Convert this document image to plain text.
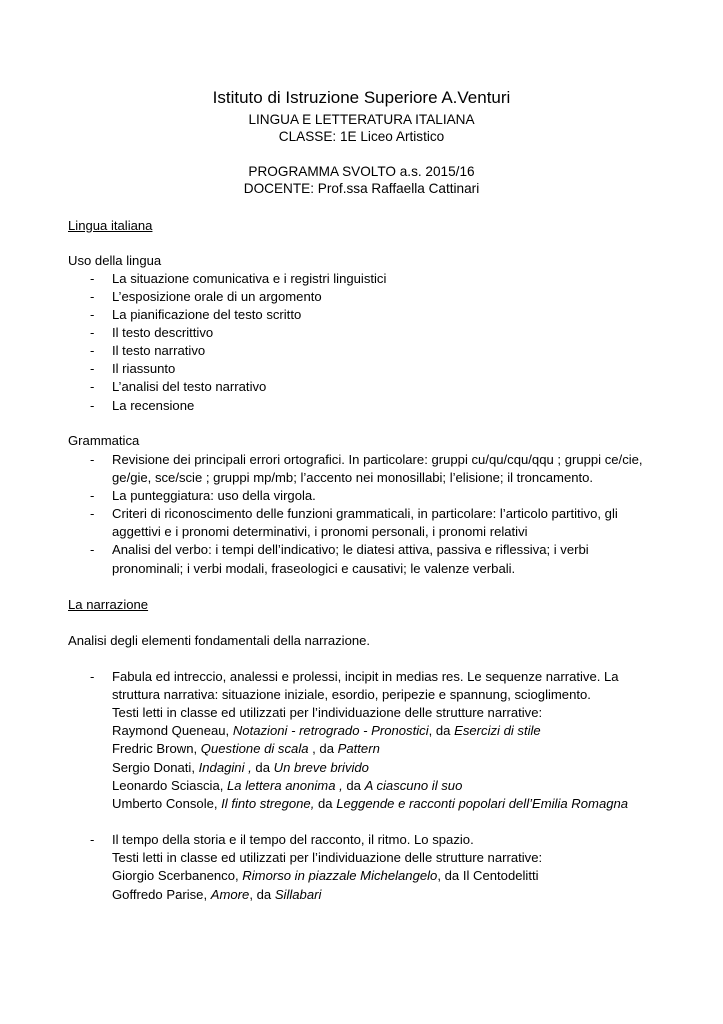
Istituto di Istruzione Superiore A.Venturi
LINGUA E LETTERATURA ITALIANA
CLASSE: 1E Liceo Artistico
PROGRAMMA SVOLTO a.s. 2015/16
DOCENTE: Prof.ssa Raffaella Cattinari
Lingua italiana
Uso della lingua
- La situazione comunicativa e i registri linguistici
- L’esposizione orale di un argomento
- La pianificazione del testo scritto
- Il testo descrittivo
- Il testo narrativo
- Il riassunto
- L’analisi del testo narrativo
- La recensione
Grammatica
- Revisione dei principali errori ortografici. In particolare: gruppi cu/qu/cqu/qqu ; gruppi ce/cie,
ge/gie, sce/scie ; gruppi mp/mb; l’accento nei monosillabi; l’elisione; il troncamento.
- La punteggiatura: uso della virgola.
- Criteri di riconoscimento delle funzioni grammaticali, in particolare: l’articolo partitivo, gli
aggettivi e i pronomi determinativi, i pronomi personali, i pronomi relativi
- Analisi del verbo: i tempi dell’indicativo; le diatesi attiva, passiva e riflessiva; i verbi
pronominali; i verbi modali, fraseologici e causativi; le valenze verbali.
La narrazione
Analisi degli elementi fondamentali della narrazione.
- Fabula ed intreccio, analessi e prolessi, incipit in medias res. Le sequenze narrative. La
struttura narrativa: situazione iniziale, esordio, peripezie e spannung, scioglimento.
Testi letti in classe ed utilizzati per l’individuazione delle strutture narrative:
Raymond Queneau, Notazioni - retrogrado - Pronostici, da Esercizi di stile
Fredric Brown, Questione di scala , da Pattern
Sergio Donati, Indagini , da Un breve brivido
Leonardo Sciascia, La lettera anonima , da A ciascuno il suo
Umberto Console, Il finto stregone, da Leggende e racconti popolari dell’Emilia Romagna
- Il tempo della storia e il tempo del racconto, il ritmo. Lo spazio.
Testi letti in classe ed utilizzati per l’individuazione delle strutture narrative:
Giorgio Scerbanenco, Rimorso in piazzale Michelangelo, da Il Centodelitti
Goffredo Parise, Amore, da Sillabari
